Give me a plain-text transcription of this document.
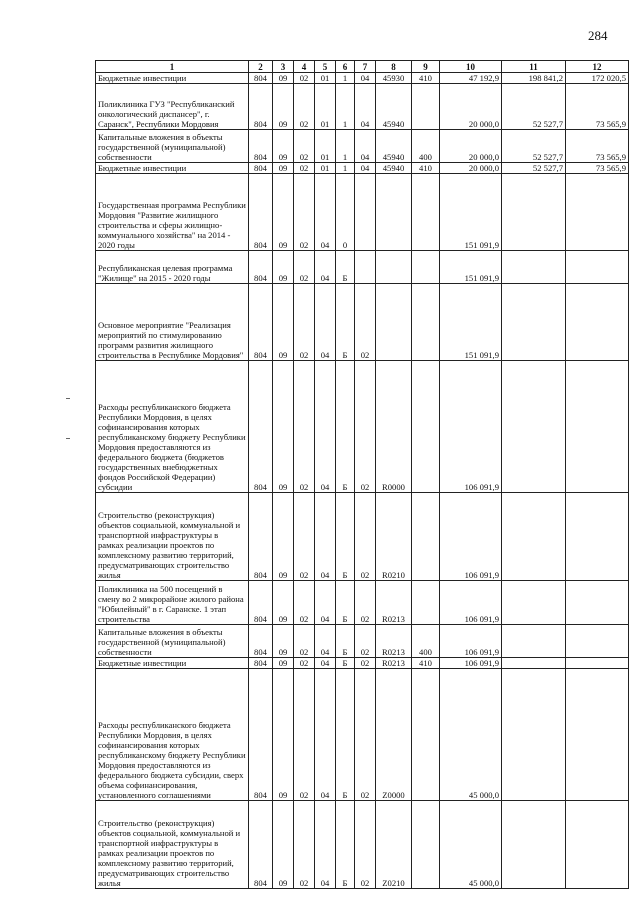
284
1	2	3	4	5	6	7	8	9	10	11	12
Бюджетные инвестиции	804	09	02	01	1	04	45930	410	47 192,9	198 841,2	172 020,5
Поликлиника ГУЗ "Республиканский онкологический диспансер", г. Саранск", Республики Мордовия	804	09	02	01	1	04	45940		20 000,0	52 527,7	73 565,9
Капитальные вложения в объекты государственной (муниципальной) собственности	804	09	02	01	1	04	45940	400	20 000,0	52 527,7	73 565,9
Бюджетные инвестиции	804	09	02	01	1	04	45940	410	20 000,0	52 527,7	73 565,9
Государственная программа Республики Мордовия "Развитие жилищного строительства и сферы жилищно-коммунального хозяйства" на 2014 - 2020 годы	804	09	02	04	0				151 091,9		
Республиканская целевая программа "Жилище" на 2015 - 2020 годы	804	09	02	04	Б				151 091,9		
Основное мероприятие "Реализация мероприятий по стимулированию программ развития жилищного строительства в Республике Мордовия"	804	09	02	04	Б	02			151 091,9		
Расходы республиканского бюджета Республики Мордовия, в целях софинансирования которых республиканскому бюджету Республики Мордовия предоставляются из федерального бюджета (бюджетов государственных внебюджетных фондов Российской Федерации) субсидии	804	09	02	04	Б	02	R0000		106 091,9		
Строительство (реконструкция) объектов социальной, коммунальной и транспортной инфраструктуры в рамках реализации проектов по комплексному развитию территорий, предусматривающих строительство жилья	804	09	02	04	Б	02	R0210		106 091,9		
Поликлиника на 500 посещений в смену во 2 микрорайоне жилого района "Юбилейный" в г. Саранске. 1 этап строительства	804	09	02	04	Б	02	R0213		106 091,9		
Капитальные вложения в объекты государственной (муниципальной) собственности	804	09	02	04	Б	02	R0213	400	106 091,9		
Бюджетные инвестиции	804	09	02	04	Б	02	R0213	410	106 091,9		
Расходы республиканского бюджета Республики Мордовия, в целях софинансирования которых республиканскому бюджету Республики Мордовия предоставляются из федерального бюджета субсидии, сверх объема софинансирования, установленного соглашениями	804	09	02	04	Б	02	Z0000		45 000,0		
Строительство (реконструкция) объектов социальной, коммунальной и транспортной инфраструктуры в рамках реализации проектов по комплексному развитию территорий, предусматривающих строительство жилья	804	09	02	04	Б	02	Z0210		45 000,0		
